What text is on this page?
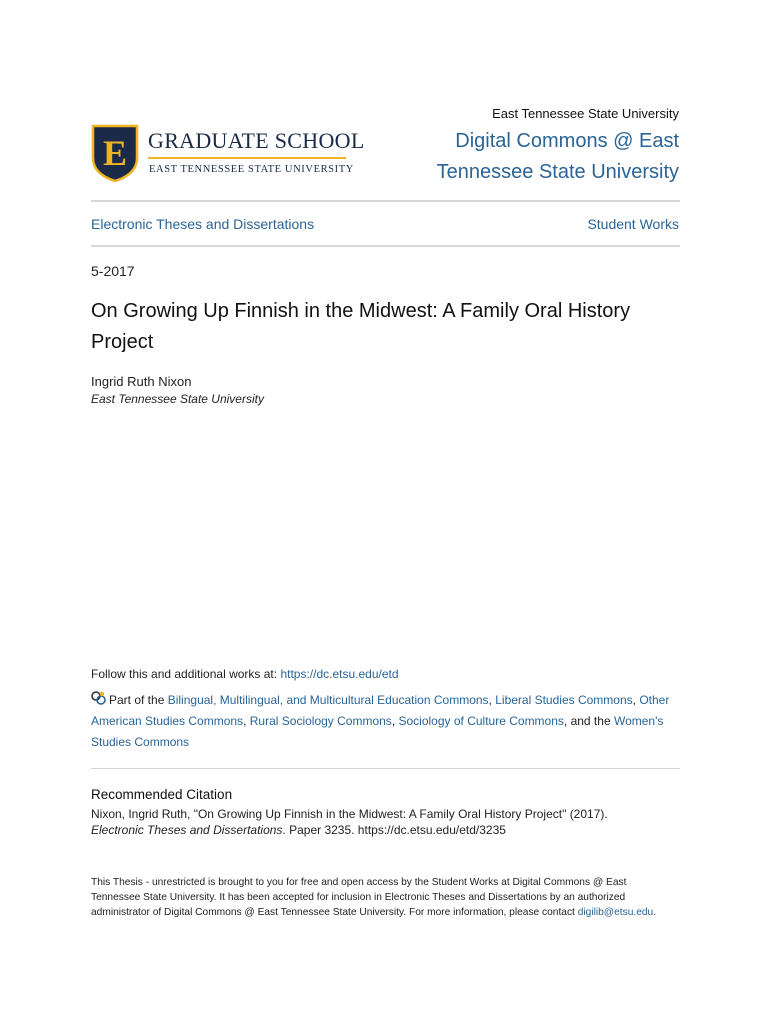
E GRADUATE SCHOOL
EAST TENNESSEE STATE UNIVERSITY
East Tennessee State University
Digital Commons @ East Tennessee State University
Electronic Theses and Dissertations	Student Works
5-2017
On Growing Up Finnish in the Midwest: A Family Oral History Project
Ingrid Ruth Nixon
East Tennessee State University
Follow this and additional works at: https://dc.etsu.edu/etd
Part of the Bilingual, Multilingual, and Multicultural Education Commons, Liberal Studies Commons, Other American Studies Commons, Rural Sociology Commons, Sociology of Culture Commons, and the Women's Studies Commons
Recommended Citation
Nixon, Ingrid Ruth, "On Growing Up Finnish in the Midwest: A Family Oral History Project" (2017).
Electronic Theses and Dissertations. Paper 3235. https://dc.etsu.edu/etd/3235
This Thesis - unrestricted is brought to you for free and open access by the Student Works at Digital Commons @ East Tennessee State University. It has been accepted for inclusion in Electronic Theses and Dissertations by an authorized administrator of Digital Commons @ East Tennessee State University. For more information, please contact digilib@etsu.edu.
